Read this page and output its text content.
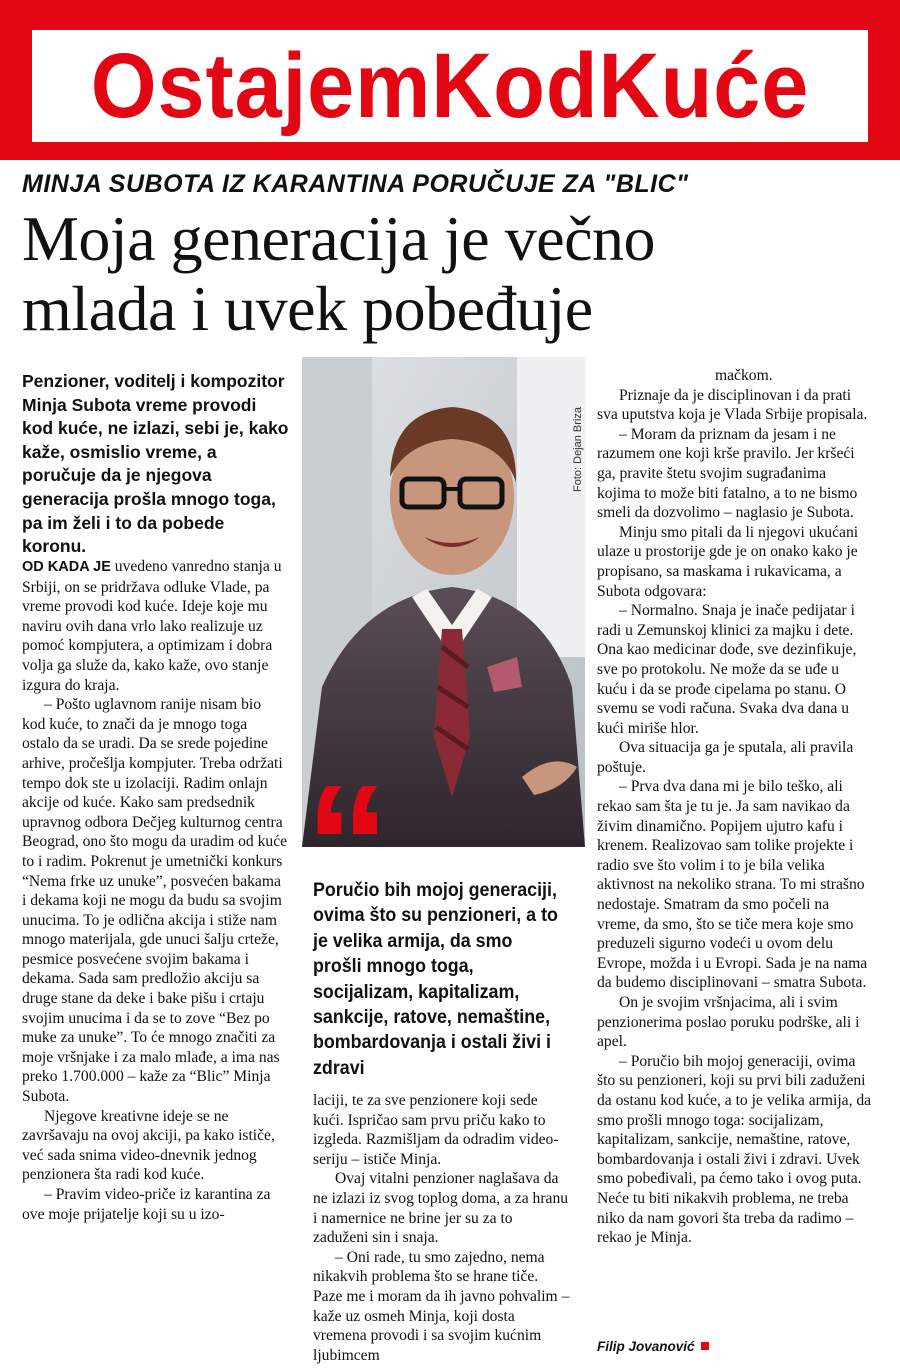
OstajemKodKuće
MINJA SUBOTA IZ KARANTINA PORUČUJE ZA "BLIC"
Moja generacija je večno
mlada i uvek pobeđuje
Penzioner, voditelj i kompozitor Minja Subota vreme provodi kod kuće, ne izlazi, sebi je, kako kaže, osmislio vreme, a poručuje da je njegova generacija prošla mnogo toga, pa im želi i to da pobede koronu.

OD KADA JE uvedeno vanredno stanja u Srbiji, on se pridržava odluke Vlade, pa vreme provodi kod kuće. Ideje koje mu naviru ovih dana vrlo lako realizuje uz pomoć kompjutera, a optimizam i dobra volja ga služe da, kako kaže, ovo stanje izgura do kraja.

– Pošto uglavnom ranije nisam bio kod kuće, to znači da je mnogo toga ostalo da se uradi. Da se srede pojedine arhive, pročešlja kompjuter. Treba održati tempo dok ste u izolaciji. Radim onlajn akcije od kuće. Kako sam predsednik upravnog odbora Dečjeg kulturnog centra Beograd, ono što mogu da uradim od kuće to i radim. Pokrenut je umetnički konkurs “Nema frke uz unuke”, posvećen bakama i dekama koji ne mogu da budu sa svojim unucima. To je odlična akcija i stiže nam mnogo materijala, gde unuci šalju crteže, pesmice posvećene svojim bakama i dekama. Sada sam predložio akciju sa druge stane da deke i bake pišu i crtaju svojim unucima i da se to zove “Bez po muke za unuke”. To će mnogo značiti za moje vršnjake i za malo mlađe, a ima nas preko 1.700.000 – kaže za “Blic” Minja Subota.

Njegove kreativne ideje se ne završavaju na ovoj akciji, pa kako ističe, već sada snima video-dnevnik jednog penzionera šta radi kod kuće.

– Pravim video-priče iz karantina za ove moje prijatelje koji su u izo-

Foto: Dejan Briza
“
Poručio bih mojoj generaciji, ovima što su penzioneri, a to je velika armija, da smo prošli mnogo toga, socijalizam, kapitalizam, sankcije, ratove, nemaštine, bombardovanja i ostali živi i zdravi

laciji, te za sve penzionere koji sede kući. Ispričao sam prvu priču kako to izgleda. Razmišljam da odradim video-seriju – ističe Minja.

Ovaj vitalni penzioner naglašava da ne izlazi iz svog toplog doma, a za hranu i namernice ne brine jer su za to zaduženi sin i snaja.

– Oni rade, tu smo zajedno, nema nikakvih problema što se hrane tiče. Paze me i moram da ih javno pohvalim – kaže uz osmeh Minja, koji dosta vremena provodi i sa svojim kućnim ljubimcem

mačkom.

Priznaje da je disciplinovan i da prati sva uputstva koja je Vlada Srbije propisala.

– Moram da priznam da jesam i ne razumem one koji krše pravilo. Jer kršeći ga, pravite štetu svojim sugrađanima kojima to može biti fatalno, a to ne bismo smeli da dozvolimo – naglasio je Subota.

Minju smo pitali da li njegovi ukućani ulaze u prostorije gde je on onako kako je propisano, sa maskama i rukavicama, a Subota odgovara:

– Normalno. Snaja je inače pedijatar i radi u Zemunskoj klinici za majku i dete. Ona kao medicinar dođe, sve dezinfikuje, sve po protokolu. Ne može da se uđe u kuću i da se prođe cipelama po stanu. O svemu se vodi računa. Svaka dva dana u kući miriše hlor.

Ova situacija ga je sputala, ali pravila poštuje.

– Prva dva dana mi je bilo teško, ali rekao sam šta je tu je. Ja sam navikao da živim dinamično. Popijem ujutro kafu i krenem. Realizovao sam tolike projekte i radio sve što volim i to je bila velika aktivnost na nekoliko strana. To mi strašno nedostaje. Smatram da smo počeli na vreme, da smo, što se tiče mera koje smo preduzeli sigurno vodeći u ovom delu Evrope, možda i u Evropi. Sada je na nama da budemo disciplinovani – smatra Subota.

On je svojim vršnjacima, ali i svim penzionerima poslao poruku podrške, ali i apel.

– Poručio bih mojoj generaciji, ovima što su penzioneri, koji su prvi bili zaduženi da ostanu kod kuće, a to je velika armija, da smo prošli mnogo toga: socijalizam, kapitalizam, sankcije, nemaštine, ratove, bombardovanja i ostali živi i zdravi. Uvek smo pobeđivali, pa ćemo tako i ovog puta. Neće tu biti nikakvih problema, ne treba niko da nam govori šta treba da radimo – rekao je Minja.

Filip Jovanović
